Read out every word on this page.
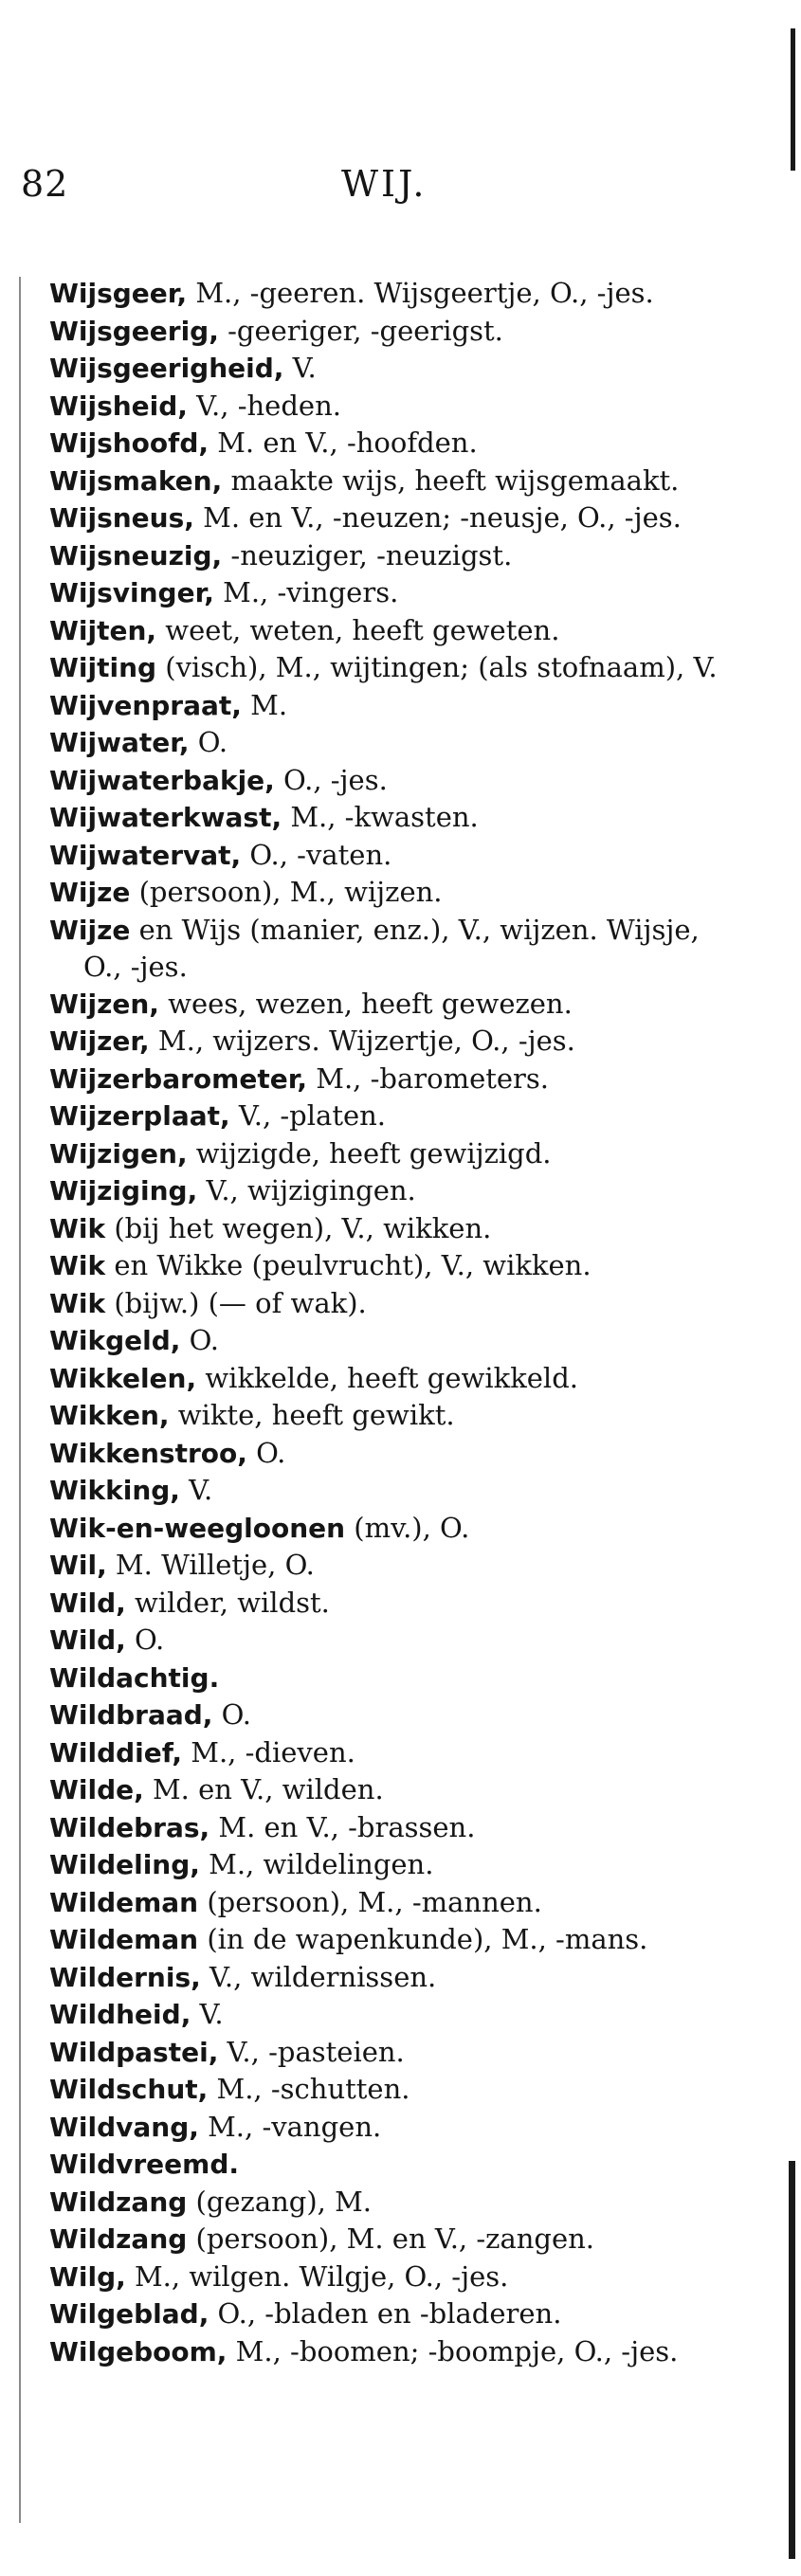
82	WIJ.
Wijsgeer, M., -geeren. Wijsgeertje, O., -jes.
Wijsgeerig, -geeriger, -geerigst.
Wijsgeerigheid, V.
Wijsheid, V., -heden.
Wijshoofd, M. en V., -hoofden.
Wijsmaken, maakte wijs, heeft wijsgemaakt.
Wijsneus, M. en V., -neuzen; -neusje, O., -jes.
Wijsneuzig, -neuziger, -neuzigst.
Wijsvinger, M., -vingers.
Wijten, weet, weten, heeft geweten.
Wijting (visch), M., wijtingen; (als stofnaam), V.
Wijvenpraat, M.
Wijwater, O.
Wijwaterbakje, O., -jes.
Wijwaterkwast, M., -kwasten.
Wijwatervat, O., -vaten.
Wijze (persoon), M., wijzen.
Wijze en Wijs (manier, enz.), V., wijzen. Wijsje, O., -jes.
Wijzen, wees, wezen, heeft gewezen.
Wijzer, M., wijzers. Wijzertje, O., -jes.
Wijzerbarometer, M., -barometers.
Wijzerplaat, V., -platen.
Wijzigen, wijzigde, heeft gewijzigd.
Wijziging, V., wijzigingen.
Wik (bij het wegen), V., wikken.
Wik en Wikke (peulvrucht), V., wikken.
Wik (bijw.) (— of wak).
Wikgeld, O.
Wikkelen, wikkelde, heeft gewikkeld.
Wikken, wikte, heeft gewikt.
Wikkenstroo, O.
Wikking, V.
Wik-en-weegloonen (mv.), O.
Wil, M. Willetje, O.
Wild, wilder, wildst.
Wild, O.
Wildachtig.
Wildbraad, O.
Wilddief, M., -dieven.
Wilde, M. en V., wilden.
Wildebras, M. en V., -brassen.
Wildeling, M., wildelingen.
Wildeman (persoon), M., -mannen.
Wildeman (in de wapenkunde), M., -mans.
Wildernis, V., wildernissen.
Wildheid, V.
Wildpastei, V., -pasteien.
Wildschut, M., -schutten.
Wildvang, M., -vangen.
Wildvreemd.
Wildzang (gezang), M.
Wildzang (persoon), M. en V., -zangen.
Wilg, M., wilgen. Wilgje, O., -jes.
Wilgeblad, O., -bladen en -bladeren.
Wilgeboom, M., -boomen; -boompje, O., -jes.
